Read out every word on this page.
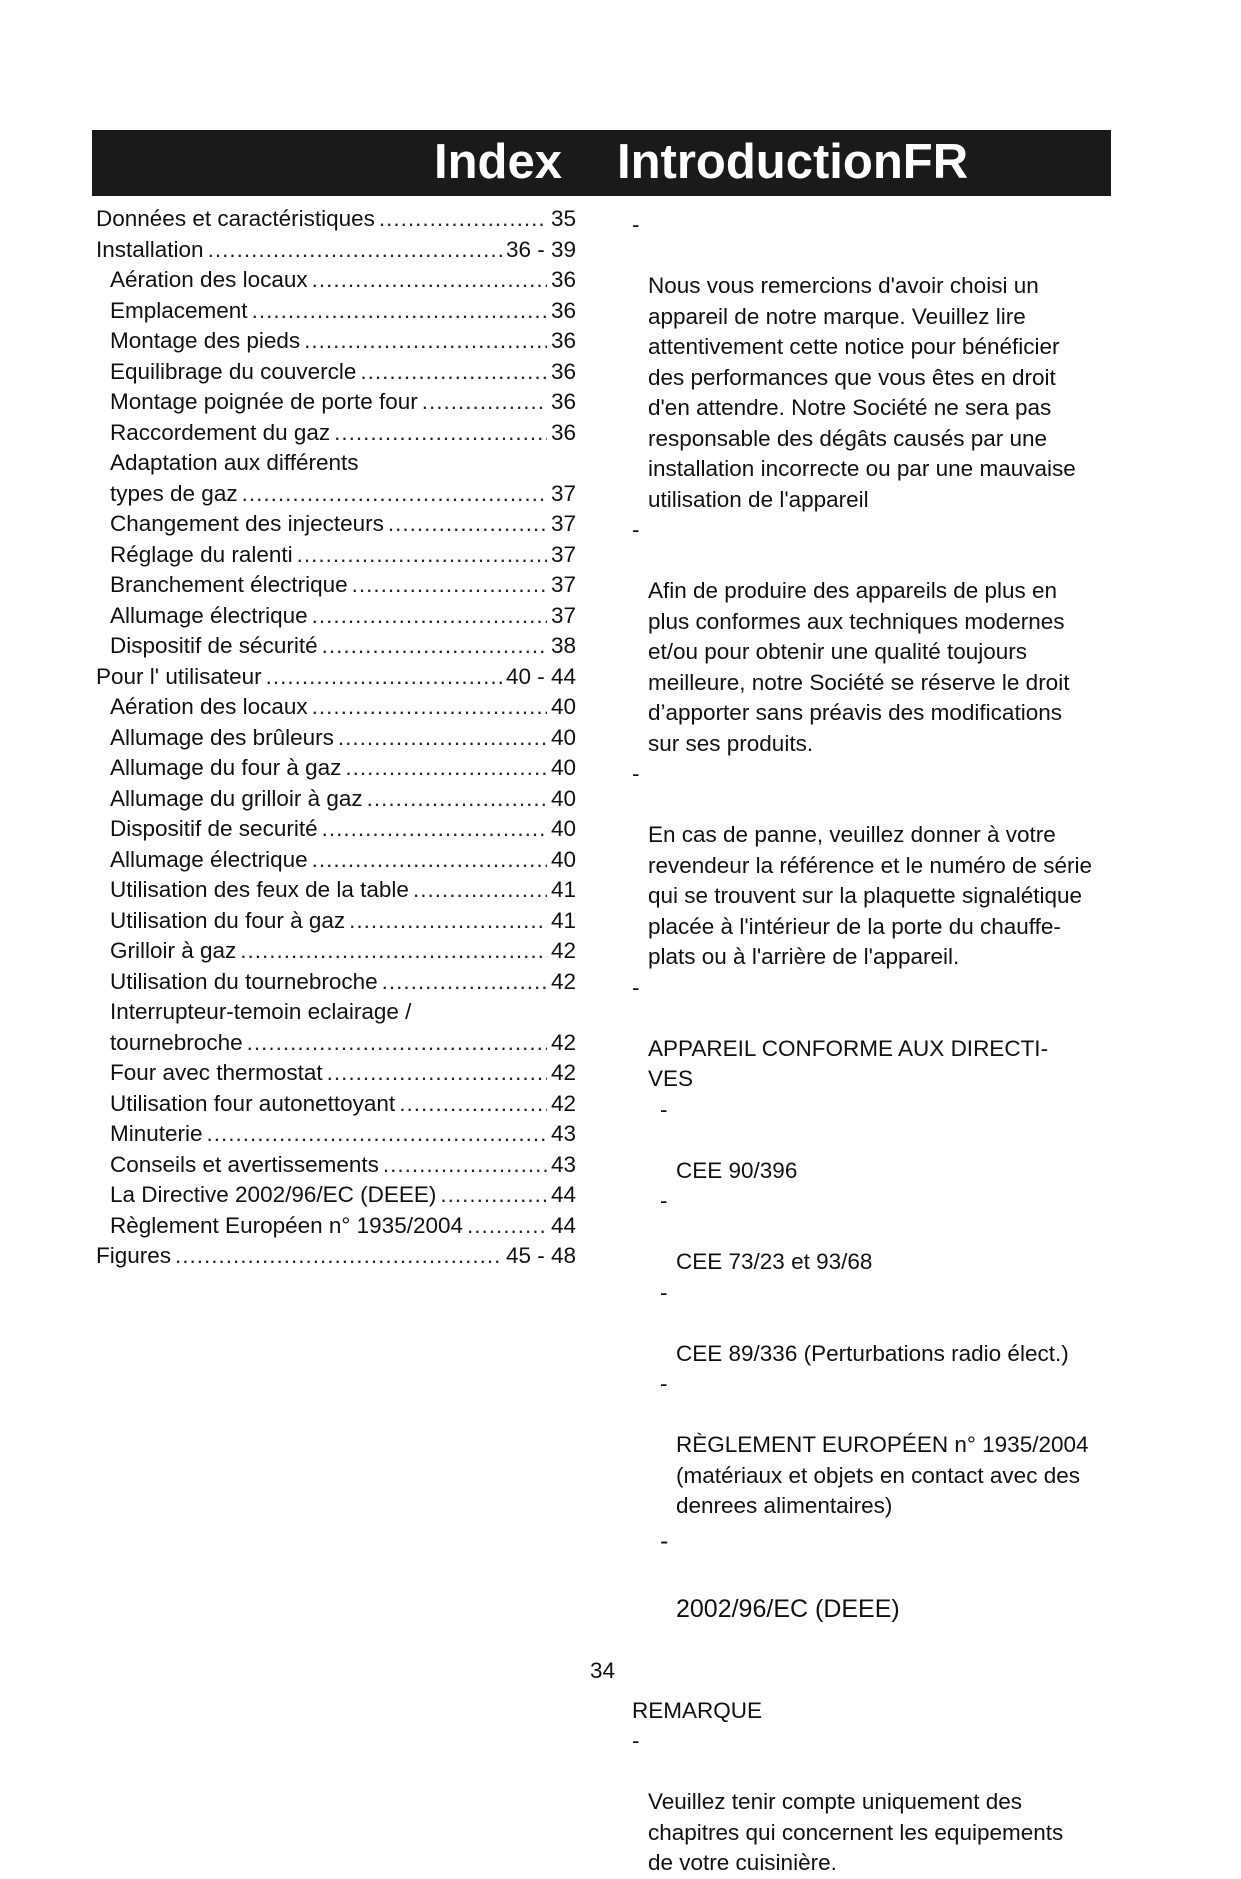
Index IntroductionFR
Données et caractéristiques .....	35
Installation .....	36 - 39
Aération des locaux .....	36
Emplacement .....	36
Montage des pieds .....	36
Equilibrage du couvercle .....	36
Montage poignée de porte four .....	36
Raccordement du gaz .....	36
Adaptation aux différents
types de gaz .....	37
Changement des injecteurs .....	37
Réglage du ralenti .....	37
Branchement électrique .....	37
Allumage électrique .....	37
Dispositif de sécurité .....	38
Pour l' utilisateur .....	40 - 44
Aération des locaux .....	40
Allumage des brûleurs .....	40
Allumage du four à gaz .....	40
Allumage du grilloir à gaz .....	40
Dispositif de securité .....	40
Allumage électrique .....	40
Utilisation des feux de la table .....	41
Utilisation du four à gaz .....	41
Grilloir à gaz .....	42
Utilisation du tournebroche .....	42
Interrupteur-temoin eclairage /
tournebroche .....	42
Four avec thermostat .....	42
Utilisation four autonettoyant .....	42
Minuterie .....	43
Conseils et avertissements .....	43
La Directive 2002/96/EC (DEEE) .....	44
Règlement Européen n° 1935/2004 .....	44
Figures .....	45 - 48

-

Nous vous remercions d'avoir choisi un
appareil de notre marque. Veuillez lire
attentivement cette notice pour bénéficier
des performances que vous êtes en droit
d'en attendre. Notre Société ne sera pas
responsable des dégâts causés par une
installation incorrecte ou par une mauvaise
utilisation de l'appareil

-

Afin de produire des appareils de plus en
plus conformes aux techniques modernes
et/ou pour obtenir une qualité toujours
meilleure, notre Société se réserve le droit
d’apporter sans préavis des modifications
sur ses produits.

-

En cas de panne, veuillez donner à votre
revendeur la référence et le numéro de série
qui se trouvent sur la plaquette signalétique
placée à l'intérieur de la porte du chauffe-
plats ou à l'arrière de l'appareil.

-

APPAREIL CONFORME AUX DIRECTI-
VES

-

CEE 90/396

-

CEE 73/23 et 93/68

-

CEE 89/336 (Perturbations radio élect.)

-

RÈGLEMENT EUROPÉEN n° 1935/2004
(matériaux et objets en contact avec des
denrees alimentaires)

-

2002/96/EC (DEEE)

REMARQUE

-

Veuillez tenir compte uniquement des
chapitres qui concernent les equipements
de votre cuisinière.

34
